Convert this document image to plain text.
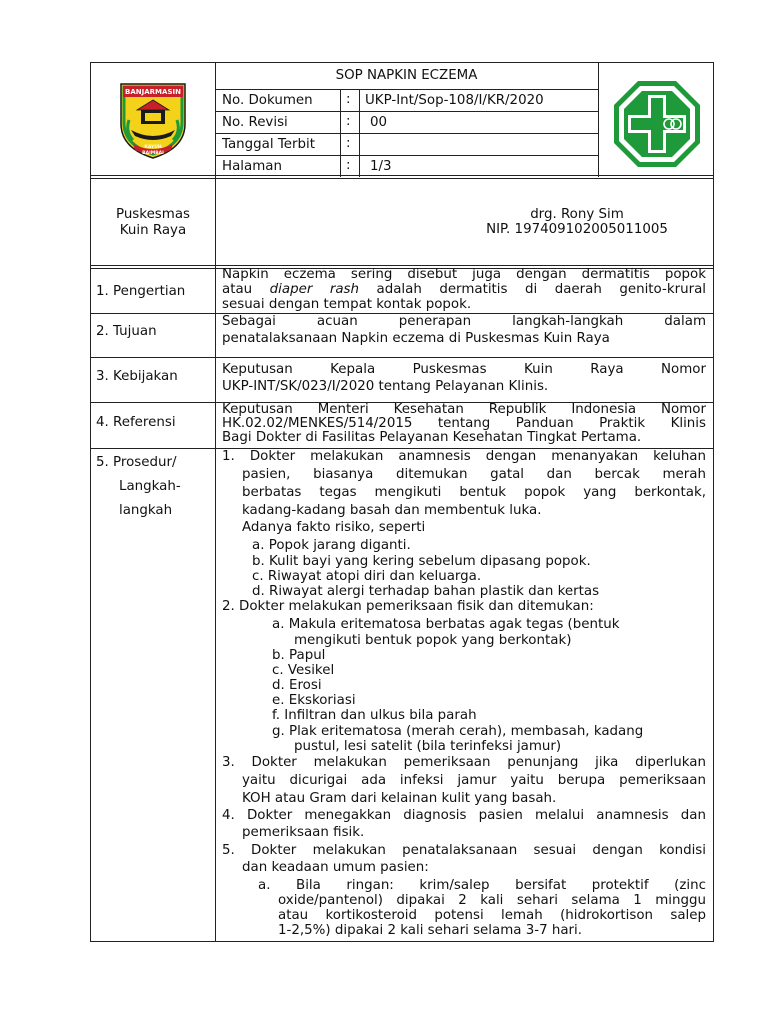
BANJARMASIN
KAYUH BAIMBAI
SOP NAPKIN ECZEMA
No. Dokumen : UKP-Int/Sop-108/I/KR/2020
No. Revisi	: 00
Tanggal Terbit :
Halaman	: 1/3
Puskesmas
Kuin Raya
drg. Rony Sim
NIP. 197409102005011005
1. Pengertian
2. Tujuan
3. Kebijakan
4. Referensi
5. Prosedur/
Langkah-
langkah

Napkin eczema sering disebut juga dengan dermatitis popok

atau diaper rash adalah dermatitis di daerah genito-krural

sesuai dengan tempat kontak popok.

Sebagai acuan penerapan langkah-langkah dalam

penatalaksanaan Napkin eczema di Puskesmas Kuin Raya

Keputusan Kepala Puskesmas Kuin Raya Nomor

UKP-INT/SK/023/I/2020 tentang Pelayanan Klinis.

Keputusan Menteri Kesehatan Republik Indonesia Nomor

HK.02.02/MENKES/514/2015 tentang Panduan Praktik Klinis

Bagi Dokter di Fasilitas Pelayanan Kesehatan Tingkat Pertama.

1. Dokter melakukan anamnesis dengan menanyakan keluhan

pasien, biasanya ditemukan gatal dan bercak merah

berbatas tegas mengikuti bentuk popok yang berkontak,

kadang-kadang basah dan membentuk luka.

Adanya fakto risiko, seperti

a. Popok jarang diganti.

b. Kulit bayi yang kering sebelum dipasang popok.

c. Riwayat atopi diri dan keluarga.

d. Riwayat alergi terhadap bahan plastik dan kertas

2. Dokter melakukan pemeriksaan fisik dan ditemukan:

a. Makula eritematosa berbatas agak tegas (bentuk

mengikuti bentuk popok yang berkontak)

b. Papul

c. Vesikel

d. Erosi

e. Ekskoriasi

f. Infiltran dan ulkus bila parah

g. Plak eritematosa (merah cerah), membasah, kadang

pustul, lesi satelit (bila terinfeksi jamur)

3. Dokter melakukan pemeriksaan penunjang jika diperlukan

yaitu dicurigai ada infeksi jamur yaitu berupa pemeriksaan

KOH atau Gram dari kelainan kulit yang basah.

4. Dokter menegakkan diagnosis pasien melalui anamnesis dan

pemeriksaan fisik.

5. Dokter melakukan penatalaksanaan sesuai dengan kondisi

dan keadaan umum pasien:

a. Bila ringan: krim/salep bersifat protektif (zinc

oxide/pantenol) dipakai 2 kali sehari selama 1 minggu

atau kortikosteroid potensi lemah (hidrokortison salep

1-2,5%) dipakai 2 kali sehari selama 3-7 hari.
